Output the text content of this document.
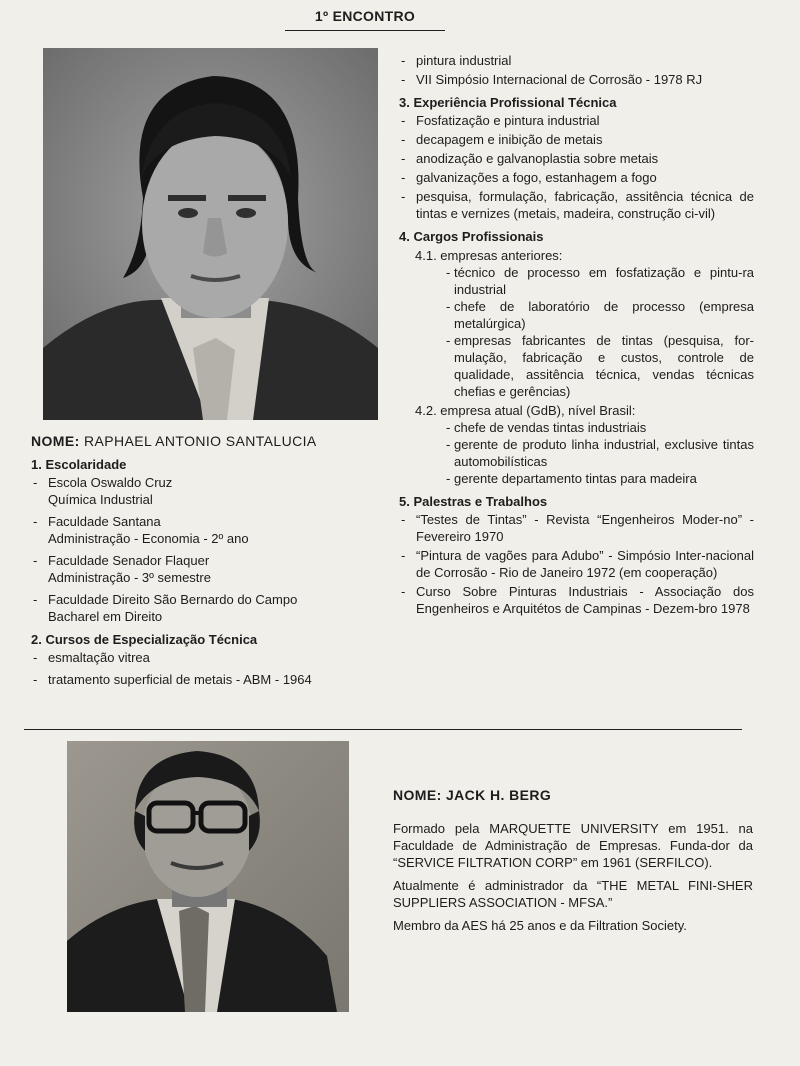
1º ENCONTRO
NOME: RAPHAEL ANTONIO SANTALUCIA
1. Escolaridade
- Escola Oswaldo Cruz
Química Industrial
- Faculdade Santana
Administração - Economia - 2º ano
- Faculdade Senador Flaquer
Administração - 3º semestre
- Faculdade Direito São Bernardo do Campo
Bacharel em Direito
2. Cursos de Especialização Técnica
- esmaltação vitrea
- tratamento superficial de metais - ABM - 1964
- pintura industrial
- VII Simpósio Internacional de Corrosão - 1978 RJ
3. Experiência Profissional Técnica
- Fosfatização e pintura industrial
- decapagem e inibição de metais
- anodização e galvanoplastia sobre metais
- galvanizações a fogo, estanhagem a fogo
- pesquisa, formulação, fabricação, assitência técnica de tintas e vernizes (metais, madeira, construção ci-vil)
4. Cargos Profissionais
4.1. empresas anteriores:
- técnico de processo em fosfatização e pintu-ra industrial
- chefe de laboratório de processo (empresa metalúrgica)
- empresas fabricantes de tintas (pesquisa, for-mulação, fabricação e custos, controle de qualidade, assitência técnica, vendas técnicas chefias e gerências)
4.2. empresa atual (GdB), nível Brasil:
- chefe de vendas tintas industriais
- gerente de produto linha industrial, exclusive tintas automobilísticas
- gerente departamento tintas para madeira
5. Palestras e Trabalhos
- “Testes de Tintas” - Revista “Engenheiros Moder-no” - Fevereiro 1970
- “Pintura de vagões para Adubo” - Simpósio Inter-nacional de Corrosão - Rio de Janeiro 1972 (em cooperação)
- Curso Sobre Pinturas Industriais - Associação dos Engenheiros e Arquitétos de Campinas - Dezem-bro 1978
NOME: JACK H. BERG

Formado pela MARQUETTE UNIVERSITY em 1951. na Faculdade de Administração de Empresas. Funda-dor da “SERVICE FILTRATION CORP” em 1961 (SERFILCO).

Atualmente é administrador da “THE METAL FINI-SHER SUPPLIERS ASSOCIATION - MFSA.”

Membro da AES há 25 anos e da Filtration Society.
